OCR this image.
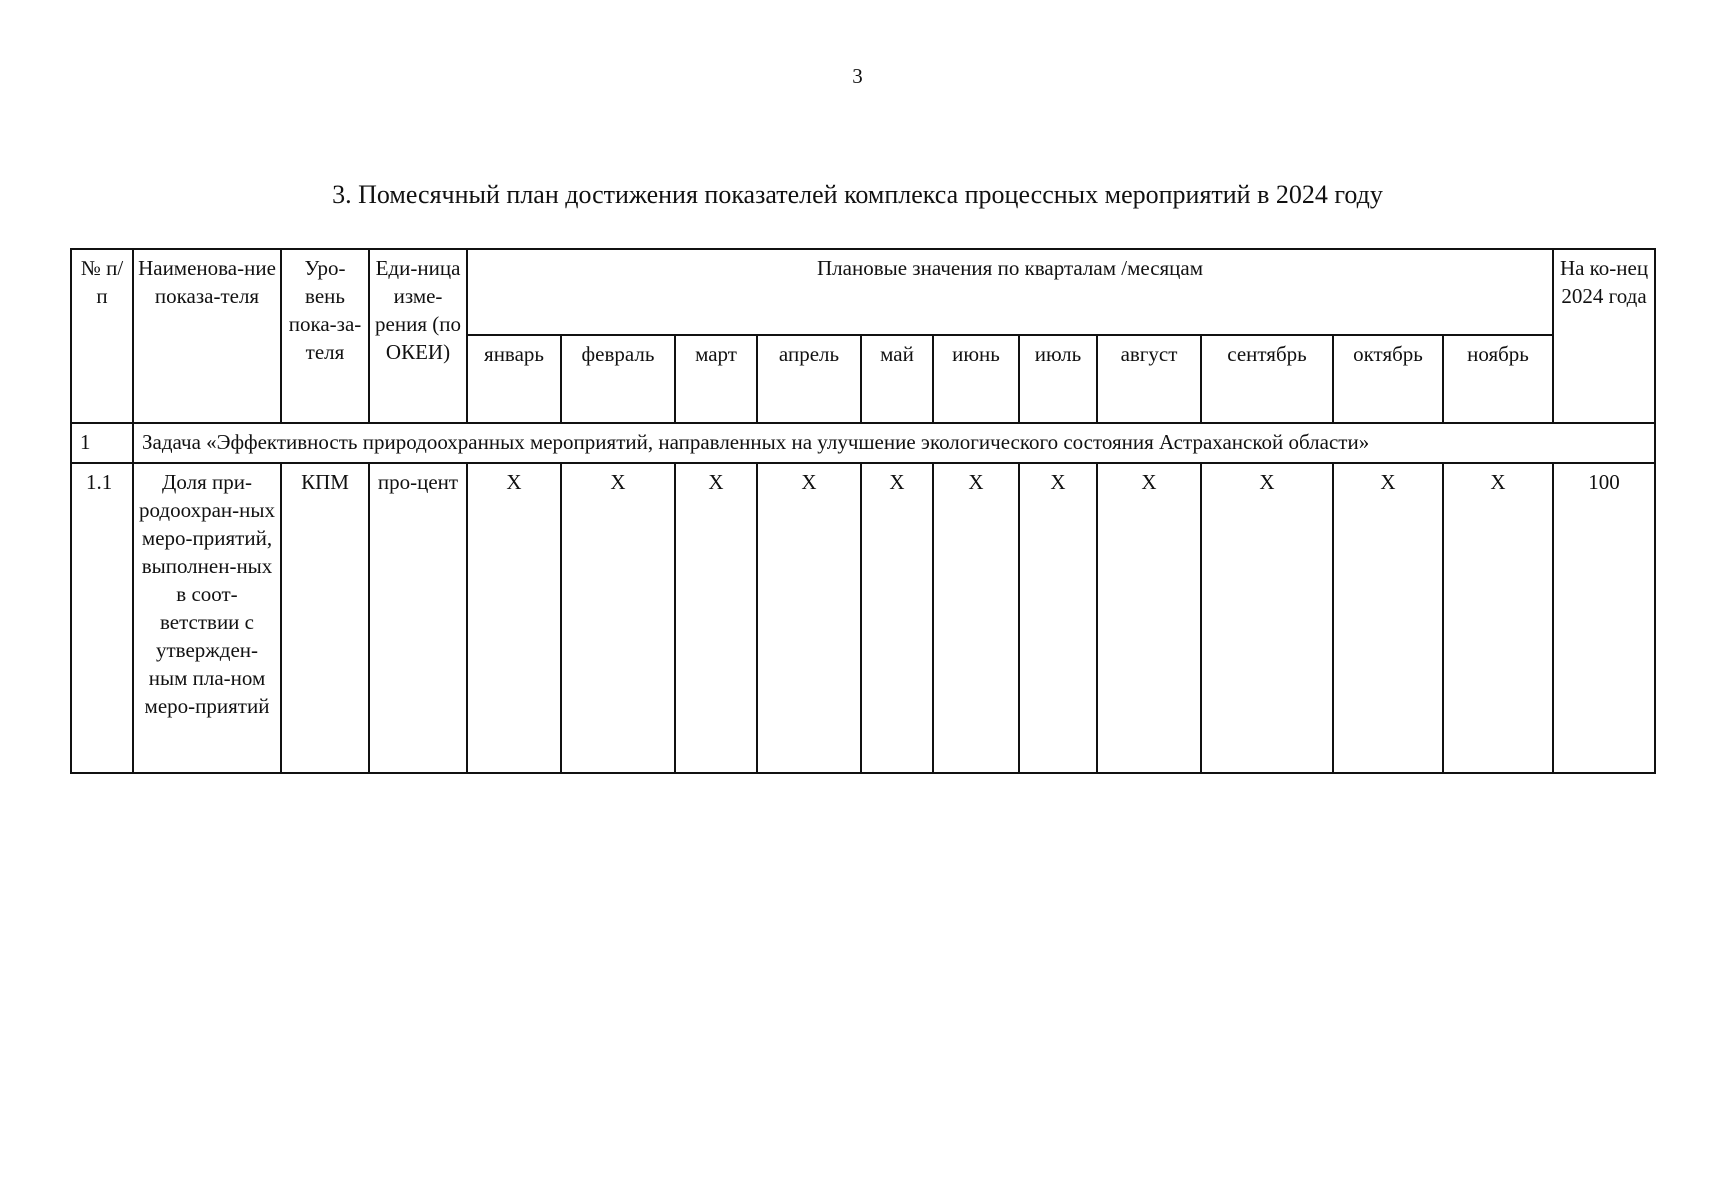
3
3. Помесячный план достижения показателей комплекса процессных мероприятий в 2024 году
№ п/п	Наименова-ние показа-теля	Уро-вень пока-за-теля	Еди-ница изме-рения (по ОКЕИ)	Плановые значения по кварталам /месяцам											На ко-нец 2024 года
				январь	февраль	март	апрель	май	июнь	июль	август	сентябрь	октябрь	ноябрь	
1	Задача «Эффективность природоохранных мероприятий, направленных на улучшение экологического состояния Астраханской области»														
1.1	Доля при-родоохран-ных меро-приятий, выполнен-ных в соот-ветствии с утвержден-ным пла-ном меро-приятий	КПМ	про-цент	X	X	X	X	X	X	X	X	X	X	X	100
